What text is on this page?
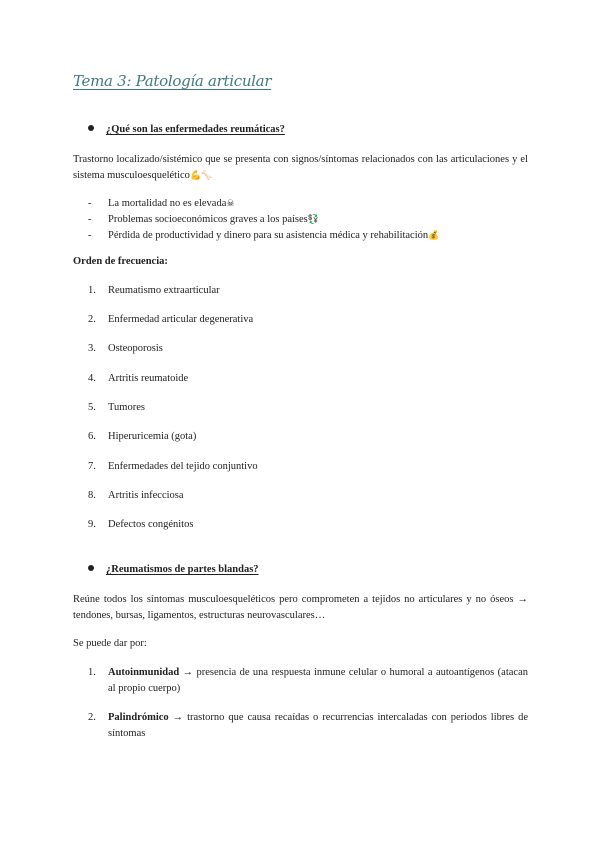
Tema 3: Patología articular
¿Qué son las enfermedades reumáticas?
Trastorno localizado/sistémico que se presenta con signos/síntomas relacionados con las articulaciones y el sistema musculoesquelético💪🦴
-	La mortalidad no es elevada ☠
-	Problemas socioeconómicos graves a los países 💱
-	Pérdida de productividad y dinero para su asistencia médica y rehabilitación 💰
Orden de frecuencia:
1. Reumatismo extraarticular
2. Enfermedad articular degenerativa
3. Osteoporosis
4. Artritis reumatoide
5. Tumores
6. Hiperuricemia (gota)
7. Enfermedades del tejido conjuntivo
8. Artritis infecciosa
9. Defectos congénitos
¿Reumatismos de partes blandas?
Reúne todos los síntomas musculoesqueléticos pero comprometen a tejidos no articulares y no óseos → tendones, bursas, ligamentos, estructuras neurovasculares…
Se puede dar por:
1. Autoinmunidad → presencia de una respuesta inmune celular o humoral a autoantígenos (atacan al propio cuerpo)
2. Palindrómico → trastorno que causa recaídas o recurrencias intercaladas con periodos libres de síntomas
